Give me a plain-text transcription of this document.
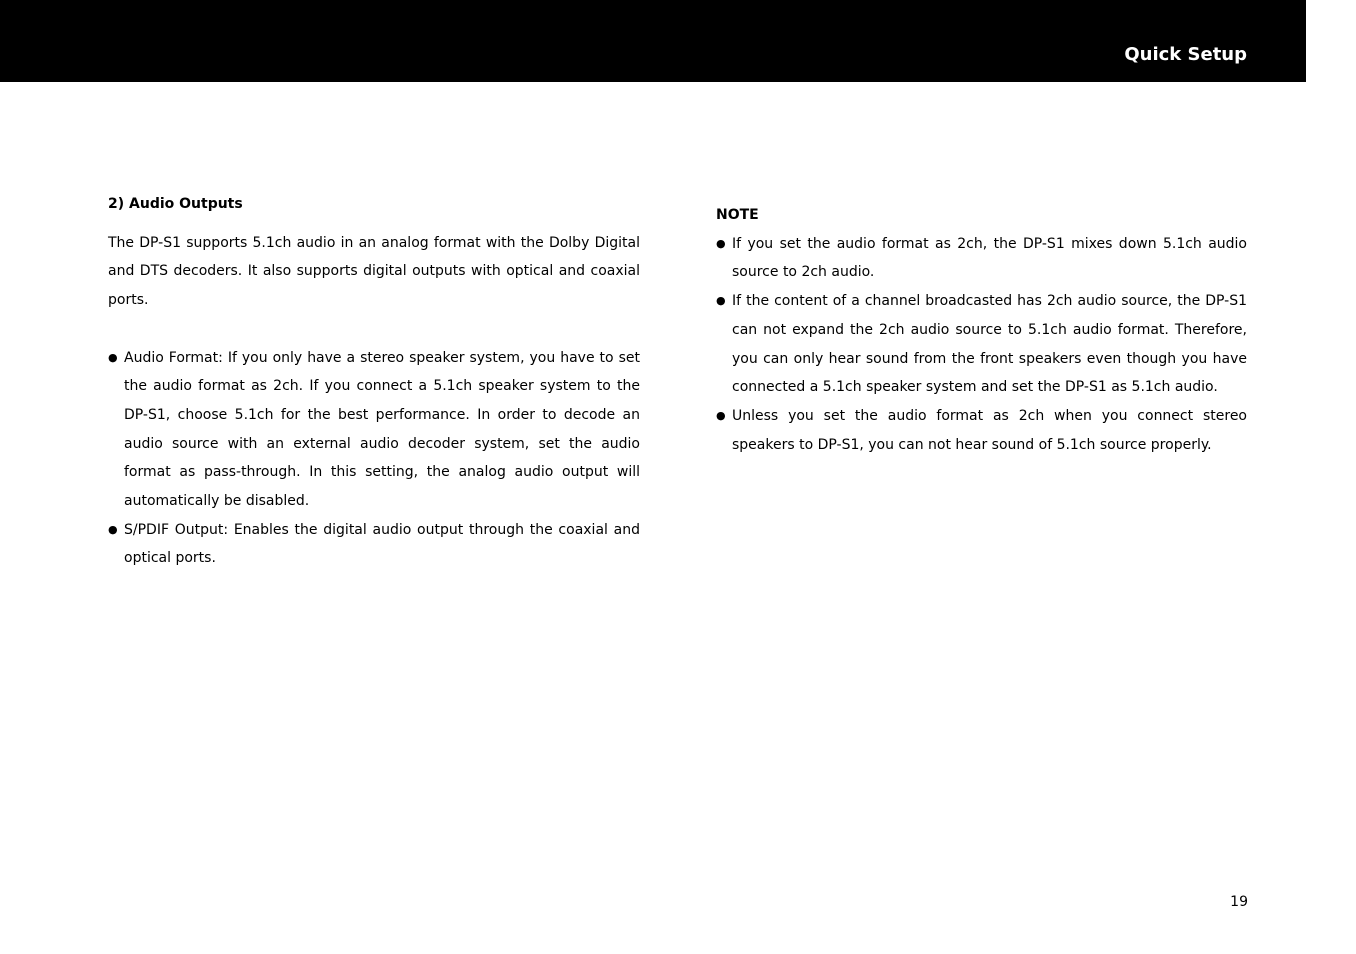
Quick Setup
2) Audio Outputs

The DP-S1 supports 5.1ch audio in an analog format with the Dolby Digital and DTS decoders. It also supports digital outputs with optical and coaxial ports.

● Audio Format: If you only have a stereo speaker system, you have to set the audio format as 2ch. If you connect a 5.1ch speaker system to the DP-S1, choose 5.1ch for the best performance. In order to decode an audio source with an external audio decoder system, set the audio format as pass-through. In this setting, the analog audio output will automatically be disabled.
● S/PDIF Output: Enables the digital audio output through the coaxial and optical ports.
NOTE
● If you set the audio format as 2ch, the DP-S1 mixes down 5.1ch audio source to 2ch audio.
● If the content of a channel broadcasted has 2ch audio source, the DP-S1 can not expand the 2ch audio source to 5.1ch audio format. Therefore, you can only hear sound from the front speakers even though you have connected a 5.1ch speaker system and set the DP-S1 as 5.1ch audio.
● Unless you set the audio format as 2ch when you connect stereo speakers to DP-S1, you can not hear sound of 5.1ch source properly.
19
